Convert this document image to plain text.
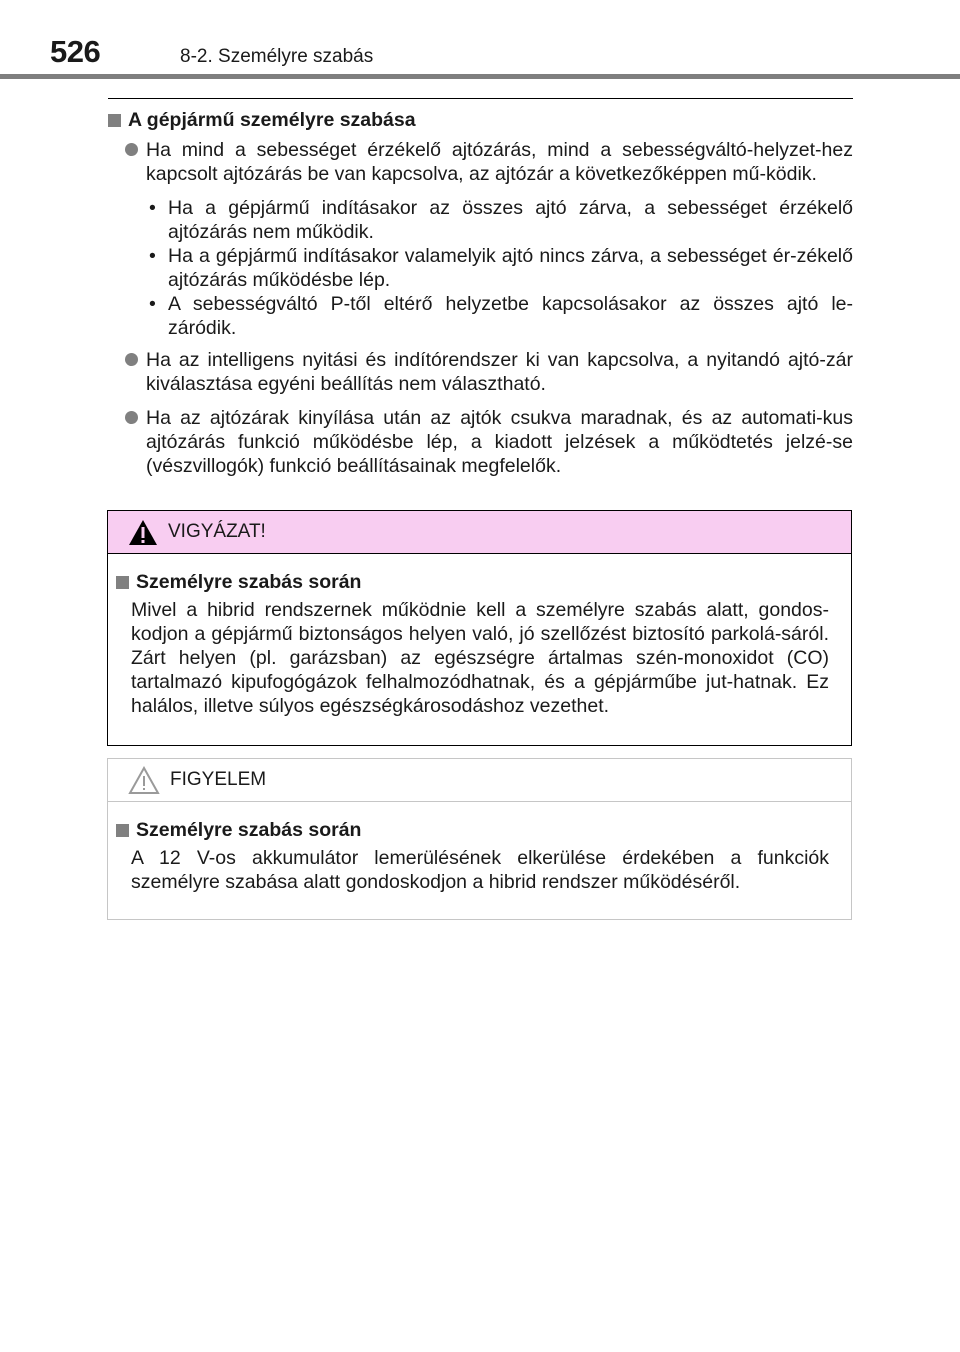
526	8-2. Személyre szabás
A gépjármű személyre szabása
Ha mind a sebességet érzékelő ajtózárás, mind a sebességváltó-helyzet-hez kapcsolt ajtózárás be van kapcsolva, az ajtózár a következőképpen mű-ködik.
• Ha a gépjármű indításakor az összes ajtó zárva, a sebességet érzékelő ajtózárás nem működik.
• Ha a gépjármű indításakor valamelyik ajtó nincs zárva, a sebességet ér-zékelő ajtózárás működésbe lép.
• A sebességváltó P-től eltérő helyzetbe kapcsolásakor az összes ajtó le-záródik.
Ha az intelligens nyitási és indítórendszer ki van kapcsolva, a nyitandó ajtó-zár kiválasztása egyéni beállítás nem választható.
Ha az ajtózárak kinyílása után az ajtók csukva maradnak, és az automati-kus ajtózárás funkció működésbe lép, a kiadott jelzések a működtetés jelzé-se (vészvillogók) funkció beállításainak megfelelők.
VIGYÁZAT!
Személyre szabás során
Mivel a hibrid rendszernek működnie kell a személyre szabás alatt, gondos-kodjon a gépjármű biztonságos helyen való, jó szellőzést biztosító parkolá-sáról. Zárt helyen (pl. garázsban) az egészségre ártalmas szén-monoxidot (CO) tartalmazó kipufogógázok felhalmozódhatnak, és a gépjárműbe jut-hatnak. Ez halálos, illetve súlyos egészségkárosodáshoz vezethet.
FIGYELEM
Személyre szabás során
A 12 V-os akkumulátor lemerülésének elkerülése érdekében a funkciók személyre szabása alatt gondoskodjon a hibrid rendszer működéséről.
